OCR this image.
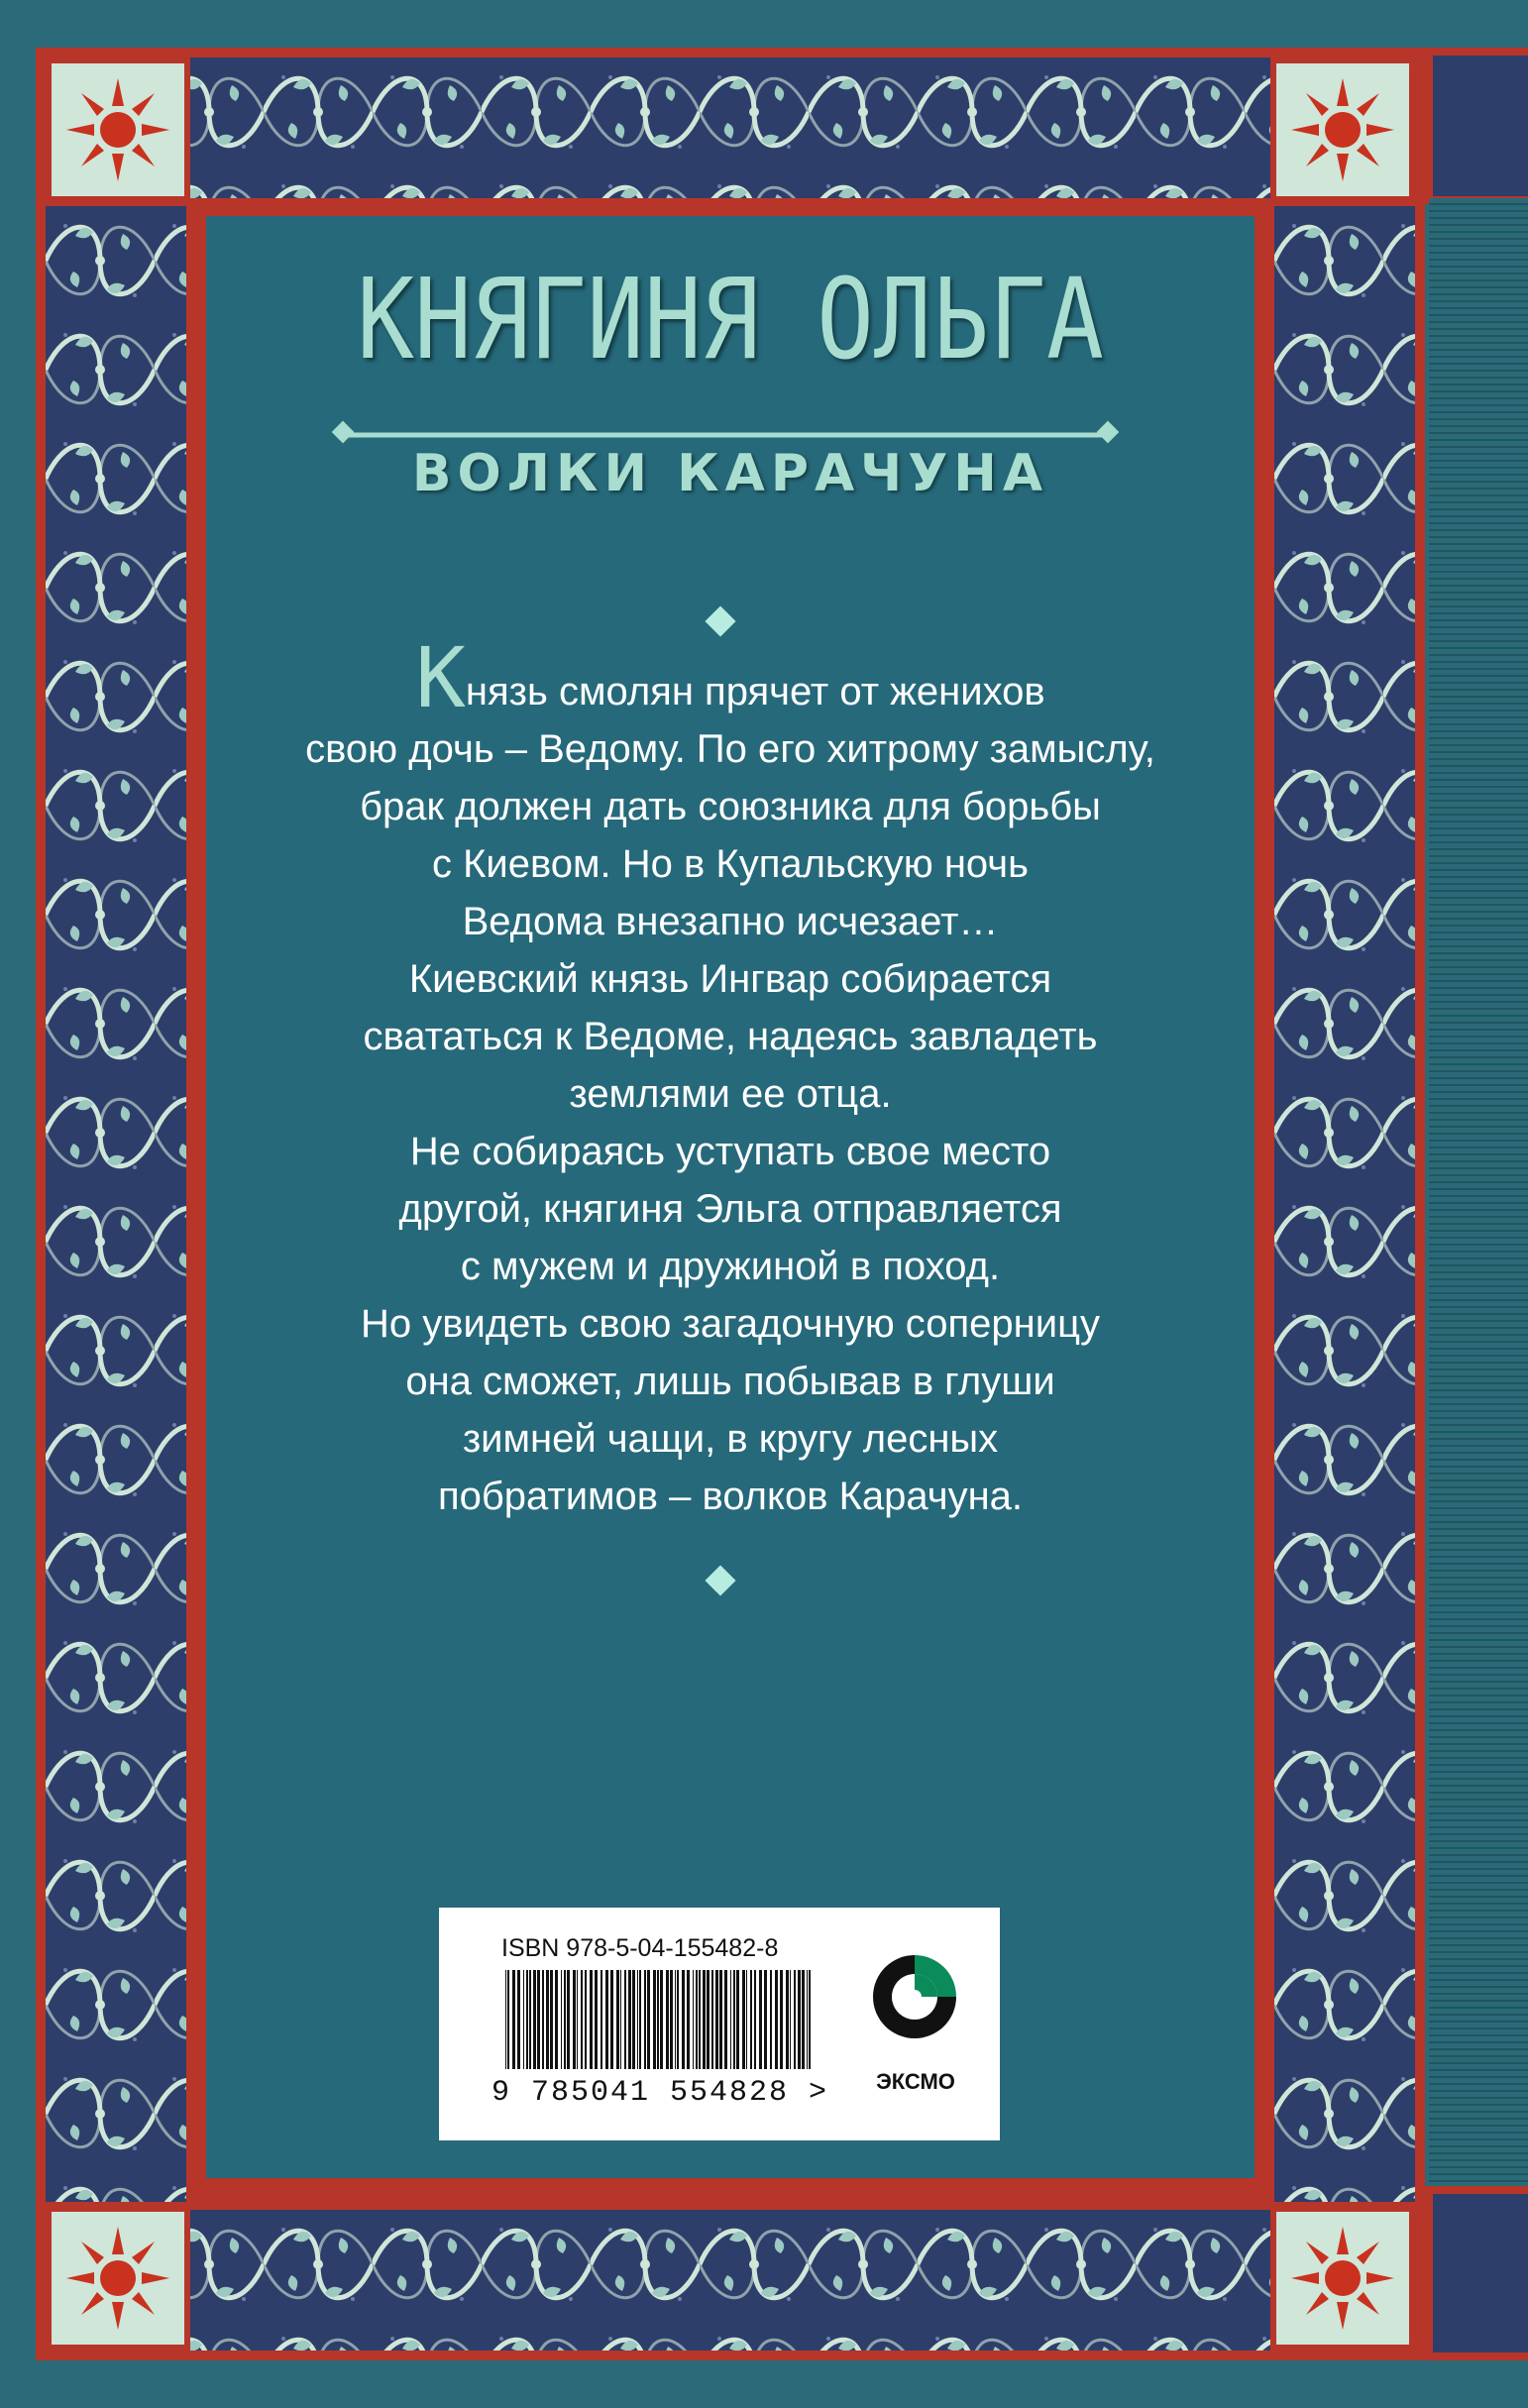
КНЯГИНЯ ОЛЬГА
ВОЛКИ КАРАЧУНА
Князь смолян прячет от женихов
свою дочь – Ведому. По его хитрому замыслу,
брак должен дать союзника для борьбы
с Киевом. Но в Купальскую ночь
Ведома внезапно исчезает…
Киевский князь Ингвар собирается
свататься к Ведоме, надеясь завладеть
землями ее отца.
Не собираясь уступать свое место
другой, княгиня Эльга отправляется
с мужем и дружиной в поход.
Но увидеть свою загадочную соперницу
она сможет, лишь побывав в глуши
зимней чащи, в кругу лесных
побратимов – волков Карачуна.
ISBN 978-5-04-155482-8
9 785041 554828 >	ЭКСМО
